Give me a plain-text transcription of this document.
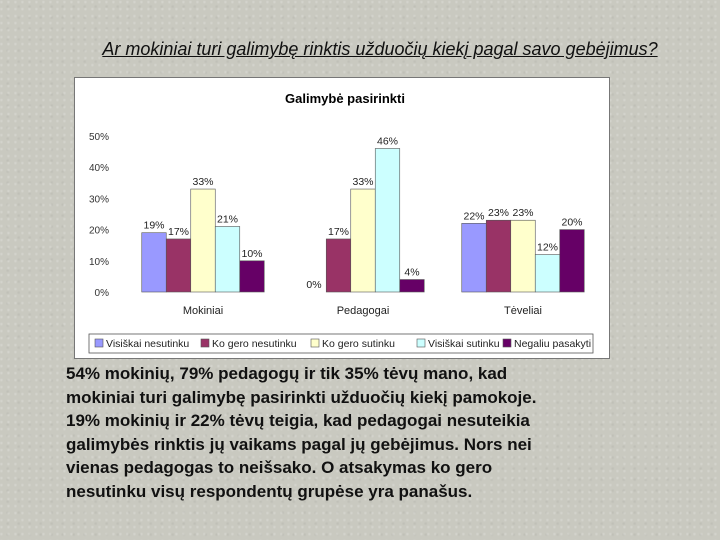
Ar mokiniai turi galimybę rinktis užduočių kiekį pagal savo gebėjimus?
Galimybė pasirinkti
0%
10%
20%
30%
40%
50%
19%
17%
33%
21%
10%
0%
17%
33%
46%
4%
22% 23% 23%
12%
20%
Mokiniai	Pedagogai	Tėveliai
Visiškai nesutinku Ko gero nesutinku Ko gero sutinku	Visiškai sutinku Negaliu pasakyti
54% mokinių, 79% pedagogų ir tik 35% tėvų mano, kad
mokiniai turi galimybę pasirinkti užduočių kiekį pamokoje.
19% mokinių ir 22% tėvų teigia, kad pedagogai nesuteikia
galimybės rinktis jų vaikams pagal jų gebėjimus. Nors nei
vienas pedagogas to neišsako. O atsakymas ko gero
nesutinku visų respondentų grupėse yra panašus.
